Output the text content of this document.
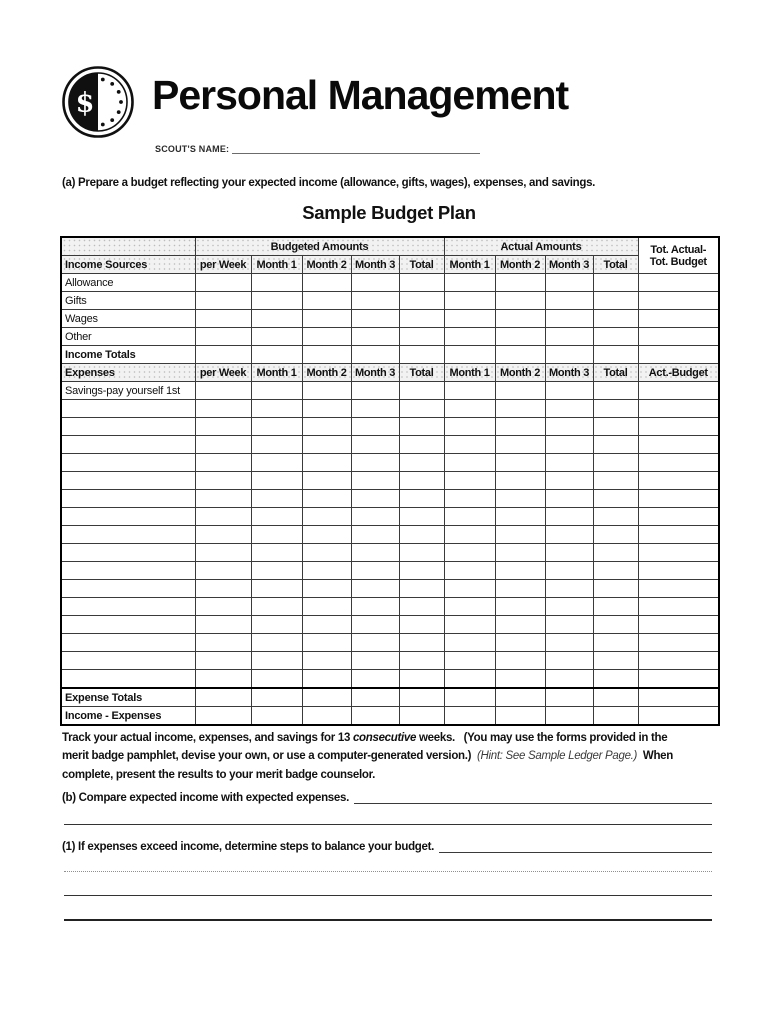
$ Personal Management
SCOUT'S NAME:

(a) Prepare a budget reflecting your expected income (allowance, gifts, wages), expenses, and savings.

Sample Budget Plan
	Budgeted Amounts					Actual Amounts				Tot. Actual-
Tot. Budget

Income Sources	per Week	Month 1	Month 2	Month 3	Total	Month 1	Month 2	Month 3	Total	
Allowance										
Gifts										
Wages										
Other										
Income Totals										
Expenses	per Week	Month 1	Month 2	Month 3	Total	Month 1	Month 2	Month 3	Total	Act.-Budget
Savings-pay yourself 1st										

Expense Totals										
Income - Expenses										

Track your actual income, expenses, and savings for 13 consecutive weeks.   (You may use the forms provided in the
merit badge pamphlet, devise your own, or use a computer-generated version.)  (Hint: See Sample Ledger Page.)  When
complete, present the results to your merit badge counselor.

(b) Compare expected income with expected expenses.
(1) If expenses exceed income, determine steps to balance your budget.
